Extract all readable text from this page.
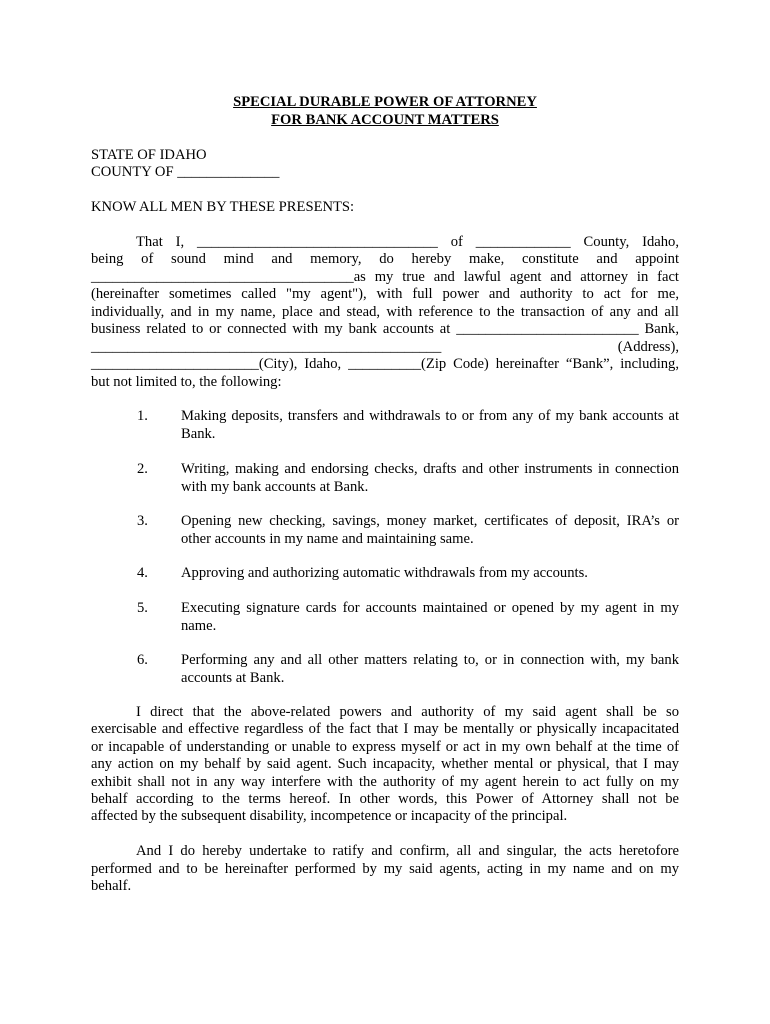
SPECIAL DURABLE POWER OF ATTORNEY
FOR BANK ACCOUNT MATTERS
STATE OF IDAHO
COUNTY OF ______________
KNOW ALL MEN BY THESE PRESENTS:
That I, _________________________________ of _____________ County, Idaho,
being of sound mind and memory, do hereby make, constitute and appoint
____________________________________as my true and lawful agent and attorney in fact
(hereinafter sometimes called "my agent"), with full power and authority to act for me,
individually, and in my name, place and stead, with reference to the transaction of any and all
business related to or connected with my bank accounts at _________________________ Bank,
________________________________________________	(Address),
_______________________(City), Idaho, __________(Zip Code) hereinafter “Bank”, including,
but not limited to, the following:
1. Making deposits, transfers and withdrawals to or from any of my bank accounts at Bank.
2. Writing, making and endorsing checks, drafts and other instruments in connection with my bank accounts at Bank.
3. Opening new checking, savings, money market, certificates of deposit, IRA’s or other accounts in my name and maintaining same.
4. Approving and authorizing automatic withdrawals from my accounts.
5. Executing signature cards for accounts maintained or opened by my agent in my name.
6. Performing any and all other matters relating to, or in connection with, my bank accounts at Bank.
I direct that the above-related powers and authority of my said agent shall be so
exercisable and effective regardless of the fact that I may be mentally or physically incapacitated
or incapable of understanding or unable to express myself or act in my own behalf at the time of
any action on my behalf by said agent. Such incapacity, whether mental or physical, that I may
exhibit shall not in any way interfere with the authority of my agent herein to act fully on my
behalf according to the terms hereof. In other words, this Power of Attorney shall not be
affected by the subsequent disability, incompetence or incapacity of the principal.
And I do hereby undertake to ratify and confirm, all and singular, the acts heretofore
performed and to be hereinafter performed by my said agents, acting in my name and on my
behalf.
